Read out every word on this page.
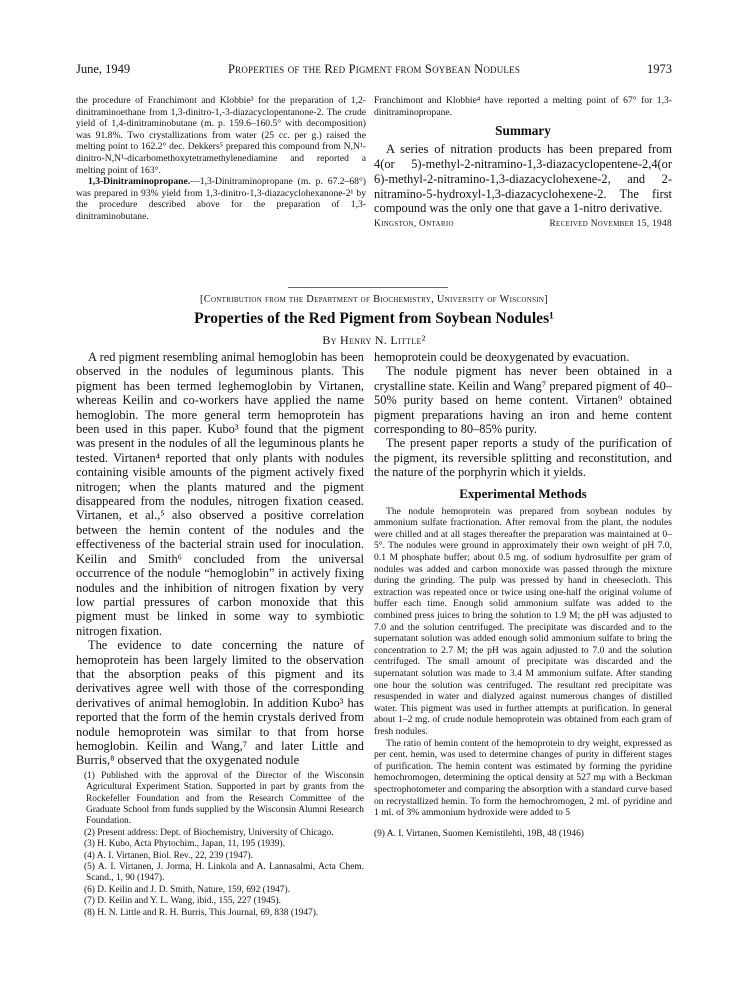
June, 1949	Properties of the Red Pigment from Soybean Nodules	1973

the procedure of Franchimont and Klobbie³ for the preparation of 1,2-dinitraminoethane from 1,3-dinitro-1,-3-diazacyclopentanone-2. The crude yield of 1,4-dinitraminobutane (m. p. 159.6–160.5° with decomposition) was 91.8%. Two crystallizations from water (25 cc. per g.) raised the melting point to 162.2° dec. Dekkers⁵ prepared this compound from N,N¹-dinitro-N,N¹-dicarbomethoxytetramethylenediamine and reported a melting point of 163°.

1,3-Dinitraminopropane.—1,3-Dinitraminopropane (m. p. 67.2–68°) was prepared in 93% yield from 1,3-dinitro-1,3-diazacyclohexanone-2¹ by the procedure described above for the preparation of 1,3-dinitraminobutane.

Franchimont and Klobbie⁴ have reported a melting point of 67° for 1,3-dinitraminopropane.

Summary

A series of nitration products has been prepared from 4(or 5)-methyl-2-nitramino-1,3-diazacyclopentene-2,4(or 6)-methyl-2-nitramino-1,3-diazacyclohexene-2, and 2-nitramino-5-hydroxyl-1,3-diazacyclohexene-2. The first compound was the only one that gave a 1-nitro derivative.

Kingston, Ontario	Received November 15, 1948
[Contribution from the Department of Biochemistry, University of Wisconsin]
Properties of the Red Pigment from Soybean Nodules¹
By Henry N. Little²

A red pigment resembling animal hemoglobin has been observed in the nodules of leguminous plants. This pigment has been termed leghemoglobin by Virtanen, whereas Keilin and co-workers have applied the name hemoglobin. The more general term hemoprotein has been used in this paper. Kubo³ found that the pigment was present in the nodules of all the leguminous plants he tested. Virtanen⁴ reported that only plants with nodules containing visible amounts of the pigment actively fixed nitrogen; when the plants matured and the pigment disappeared from the nodules, nitrogen fixation ceased. Virtanen, et al.,⁵ also observed a positive correlation between the hemin content of the nodules and the effectiveness of the bacterial strain used for inoculation. Keilin and Smith⁶ concluded from the universal occurrence of the nodule “hemoglobin” in actively fixing nodules and the inhibition of nitrogen fixation by very low partial pressures of carbon monoxide that this pigment must be linked in some way to symbiotic nitrogen fixation.

The evidence to date concerning the nature of hemoprotein has been largely limited to the observation that the absorption peaks of this pigment and its derivatives agree well with those of the corresponding derivatives of animal hemoglobin. In addition Kubo³ has reported that the form of the hemin crystals derived from nodule hemoprotein was similar to that from horse hemoglobin. Keilin and Wang,⁷ and later Little and Burris,⁸ observed that the oxygenated nodule

(1) Published with the approval of the Director of the Wisconsin Agricultural Experiment Station. Supported in part by grants from the Rockefeller Foundation and from the Research Committee of the Graduate School from funds supplied by the Wisconsin Alumni Research Foundation.

(2) Present address: Dept. of Biochemistry, University of Chicago.

(3) H. Kubo, Acta Phytochim., Japan, 11, 195 (1939).

(4) A. I. Virtanen, Biol. Rev., 22, 239 (1947).

(5) A. I. Virtanen, J. Jorma, H. Linkola and A. Lannasalmi, Acta Chem. Scand., 1, 90 (1947).

(6) D. Keilin and J. D. Smith, Nature, 159, 692 (1947).

(7) D. Keilin and Y. L. Wang, ibid., 155, 227 (1945).

(8) H. N. Little and R. H. Burris, This Journal, 69, 838 (1947).

hemoprotein could be deoxygenated by evacuation.

The nodule pigment has never been obtained in a crystalline state. Keilin and Wang⁷ prepared pigment of 40–50% purity based on heme content. Virtanen⁹ obtained pigment preparations having an iron and heme content corresponding to 80–85% purity.

The present paper reports a study of the purification of the pigment, its reversible splitting and reconstitution, and the nature of the porphyrin which it yields.

Experimental Methods

The nodule hemoprotein was prepared from soybean nodules by ammonium sulfate fractionation. After removal from the plant, the nodules were chilled and at all stages thereafter the preparation was maintained at 0–5°. The nodules were ground in approximately their own weight of pH 7.0, 0.1 M phosphate buffer; about 0.5 mg. of sodium hydrosulfite per gram of nodules was added and carbon monoxide was passed through the mixture during the grinding. The pulp was pressed by hand in cheesecloth. This extraction was repeated once or twice using one-half the original volume of buffer each time. Enough solid ammonium sulfate was added to the combined press juices to bring the solution to 1.9 M; the pH was adjusted to 7.0 and the solution centrifuged. The precipitate was discarded and to the supernatant solution was added enough solid ammonium sulfate to bring the concentration to 2.7 M; the pH was again adjusted to 7.0 and the solution centrifuged. The small amount of precipitate was discarded and the supernatant solution was made to 3.4 M ammonium sulfate. After standing one hour the solution was centrifuged. The resultant red precipitate was resuspended in water and dialyzed against numerous changes of distilled water. This pigment was used in further attempts at purification. In general about 1–2 mg. of crude nodule hemoprotein was obtained from each gram of fresh nodules.

The ratio of hemin content of the hemoprotein to dry weight, expressed as per cent. hemin, was used to determine changes of purity in different stages of purification. The hemin content was estimated by forming the pyridine hemochromogen, determining the optical density at 527 mμ with a Beckman spectrophotometer and comparing the absorption with a standard curve based on recrystallized hemin. To form the hemochromogen, 2 ml. of pyridine and 1 ml. of 3% ammonium hydroxide were added to 5

(9) A. I. Virtanen, Suomen Kemistilehti, 19B, 48 (1946)
